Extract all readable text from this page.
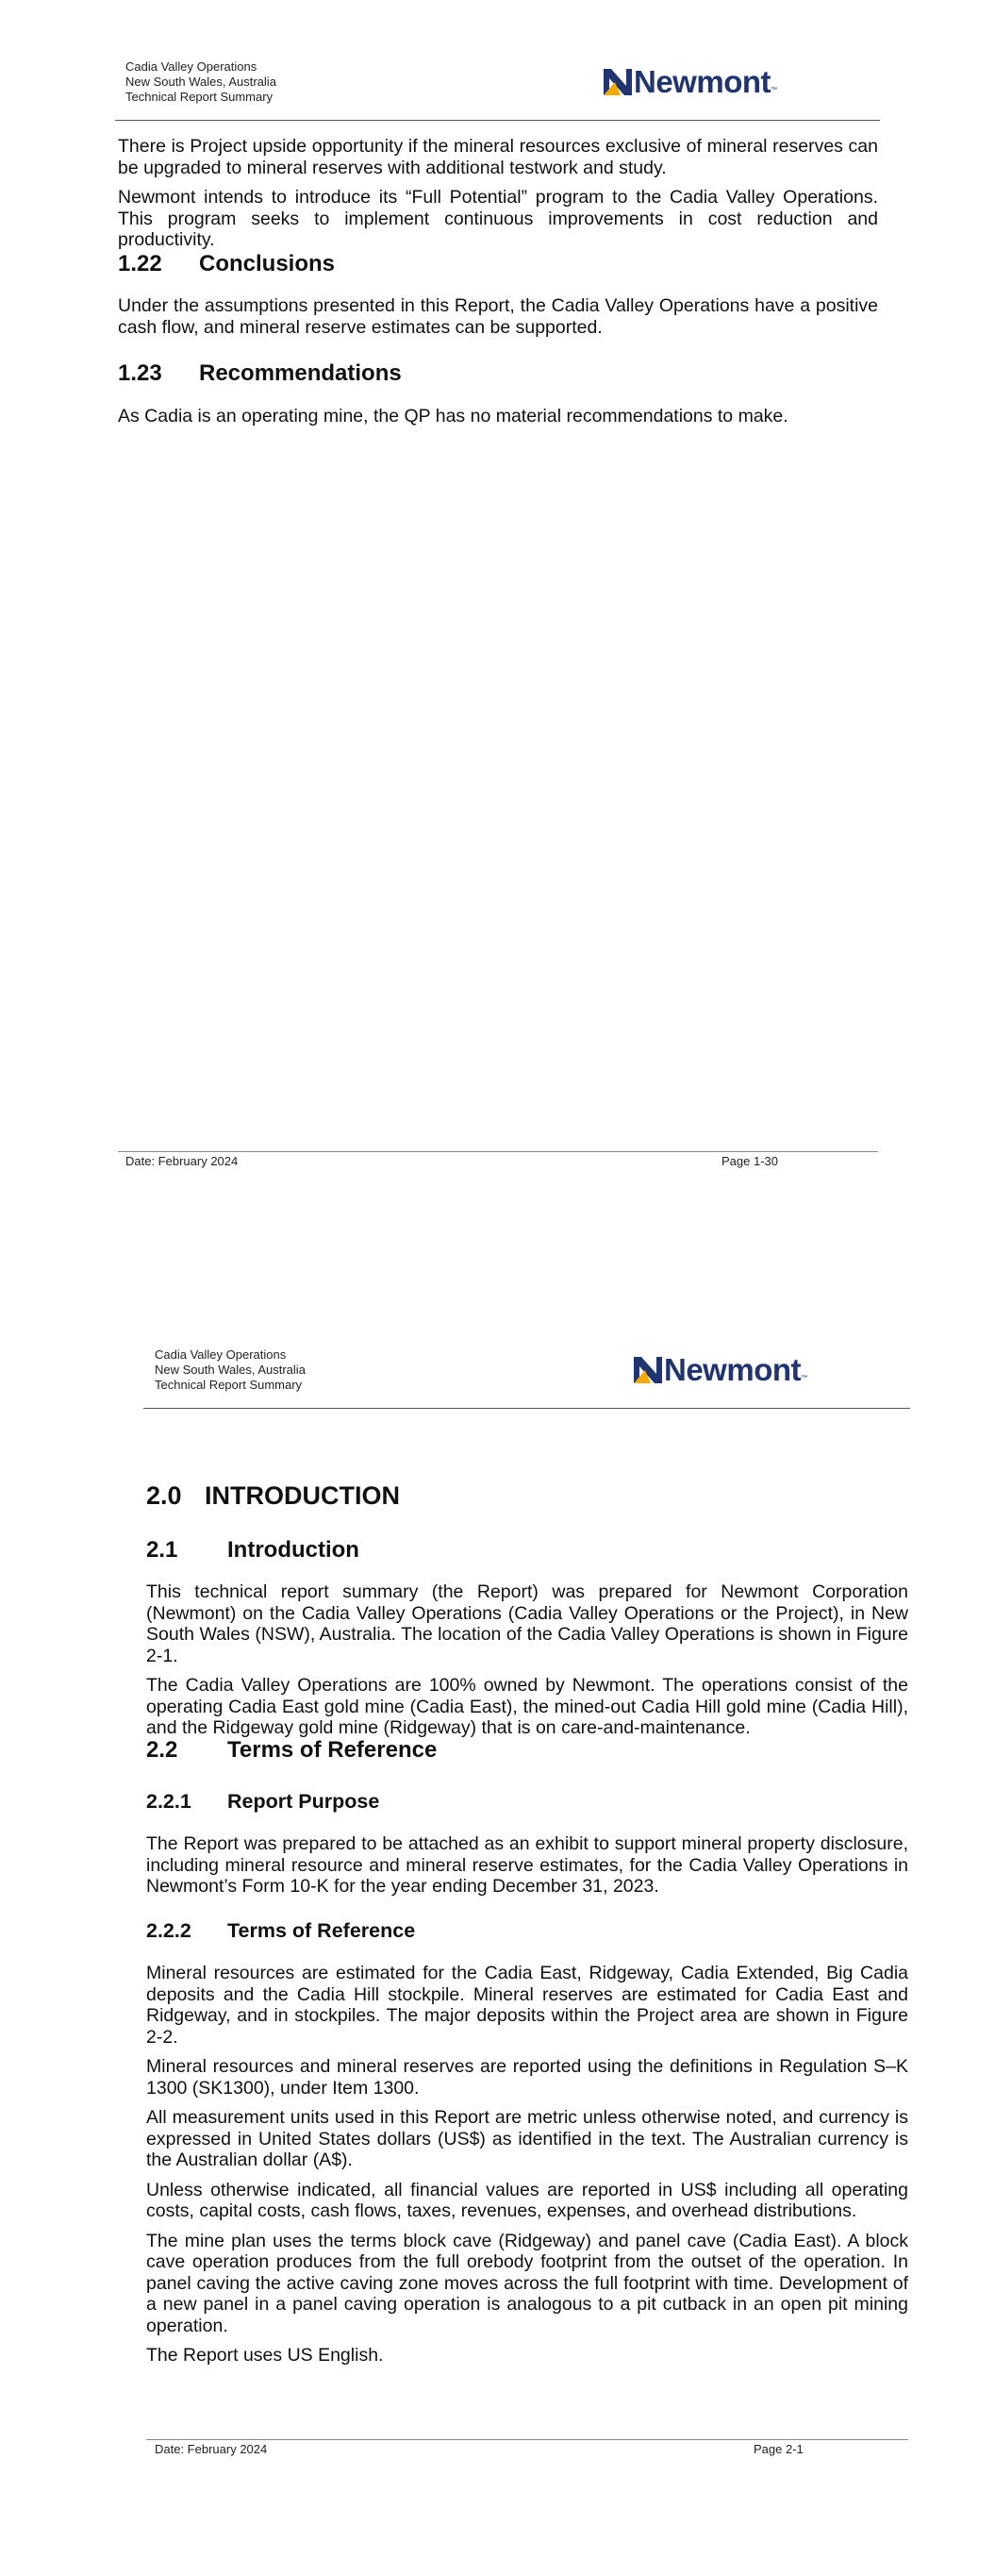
Cadia Valley Operations
New South Wales, Australia
Technical Report Summary	Newmont ™

There is Project upside opportunity if the mineral resources exclusive of mineral reserves can be upgraded to mineral reserves with additional testwork and study.

Newmont intends to introduce its “Full Potential” program to the Cadia Valley Operations. This program seeks to implement continuous improvements in cost reduction and productivity.

1.22 Conclusions

Under the assumptions presented in this Report, the Cadia Valley Operations have a positive cash flow, and mineral reserve estimates can be supported.

1.23 Recommendations

As Cadia is an operating mine, the QP has no material recommendations to make.

Date: February 2024	Page 1-30
Cadia Valley Operations
New South Wales, Australia
Technical Report Summary	Newmont ™
2.0 INTRODUCTION
2.1 Introduction

This technical report summary (the Report) was prepared for Newmont Corporation (Newmont) on the Cadia Valley Operations (Cadia Valley Operations or the Project), in New South Wales (NSW), Australia. The location of the Cadia Valley Operations is shown in Figure 2-1.

The Cadia Valley Operations are 100% owned by Newmont. The operations consist of the operating Cadia East gold mine (Cadia East), the mined-out Cadia Hill gold mine (Cadia Hill), and the Ridgeway gold mine (Ridgeway) that is on care-and-maintenance.

2.2 Terms of Reference
2.2.1 Report Purpose

The Report was prepared to be attached as an exhibit to support mineral property disclosure, including mineral resource and mineral reserve estimates, for the Cadia Valley Operations in Newmont’s Form 10-K for the year ending December 31, 2023.

2.2.2 Terms of Reference

Mineral resources are estimated for the Cadia East, Ridgeway, Cadia Extended, Big Cadia deposits and the Cadia Hill stockpile. Mineral reserves are estimated for Cadia East and Ridgeway, and in stockpiles. The major deposits within the Project area are shown in Figure 2-2.

Mineral resources and mineral reserves are reported using the definitions in Regulation S–K 1300 (SK1300), under Item 1300.

All measurement units used in this Report are metric unless otherwise noted, and currency is expressed in United States dollars (US$) as identified in the text. The Australian currency is the Australian dollar (A$).

Unless otherwise indicated, all financial values are reported in US$ including all operating costs, capital costs, cash flows, taxes, revenues, expenses, and overhead distributions.

The mine plan uses the terms block cave (Ridgeway) and panel cave (Cadia East). A block cave operation produces from the full orebody footprint from the outset of the operation. In panel caving the active caving zone moves across the full footprint with time. Development of a new panel in a panel caving operation is analogous to a pit cutback in an open pit mining operation.

The Report uses US English.

Date: February 2024	Page 2-1
